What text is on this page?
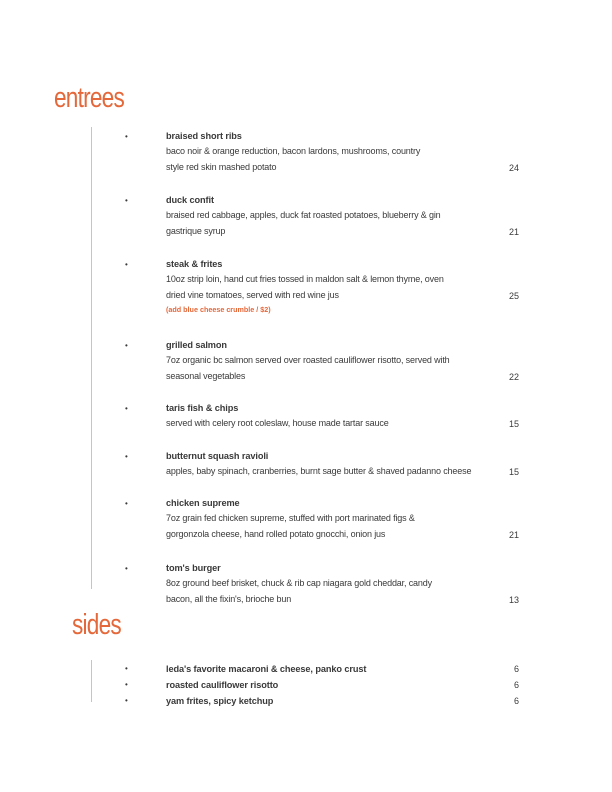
entrees
•	braised short ribs
baco noir & orange reduction, bacon lardons, mushrooms, country
style red skin mashed potato	24
•	duck confit
braised red cabbage, apples, duck fat roasted potatoes, blueberry & gin
gastrique syrup	21
•	steak & frites
10oz strip loin, hand cut fries tossed in maldon salt & lemon thyme, oven
dried vine tomatoes, served with red wine jus
(add blue cheese crumble / $2)
25
•	grilled salmon
7oz organic bc salmon served over roasted cauliflower risotto, served with
seasonal vegetables	22
•	taris fish & chips
served with celery root coleslaw, house made tartar sauce	15
•	butternut squash ravioli
apples, baby spinach, cranberries, burnt sage butter & shaved padanno cheese	15
•	chicken supreme
7oz grain fed chicken supreme, stuffed with port marinated figs &
gorgonzola cheese, hand rolled potato gnocchi, onion jus	21
•	tom's burger
8oz ground beef brisket, chuck & rib cap niagara gold cheddar, candy
bacon, all the fixin's, brioche bun	13
sides
•	leda's favorite macaroni & cheese, panko crust	6
•	roasted cauliflower risotto	6
•	yam frites, spicy ketchup	6
